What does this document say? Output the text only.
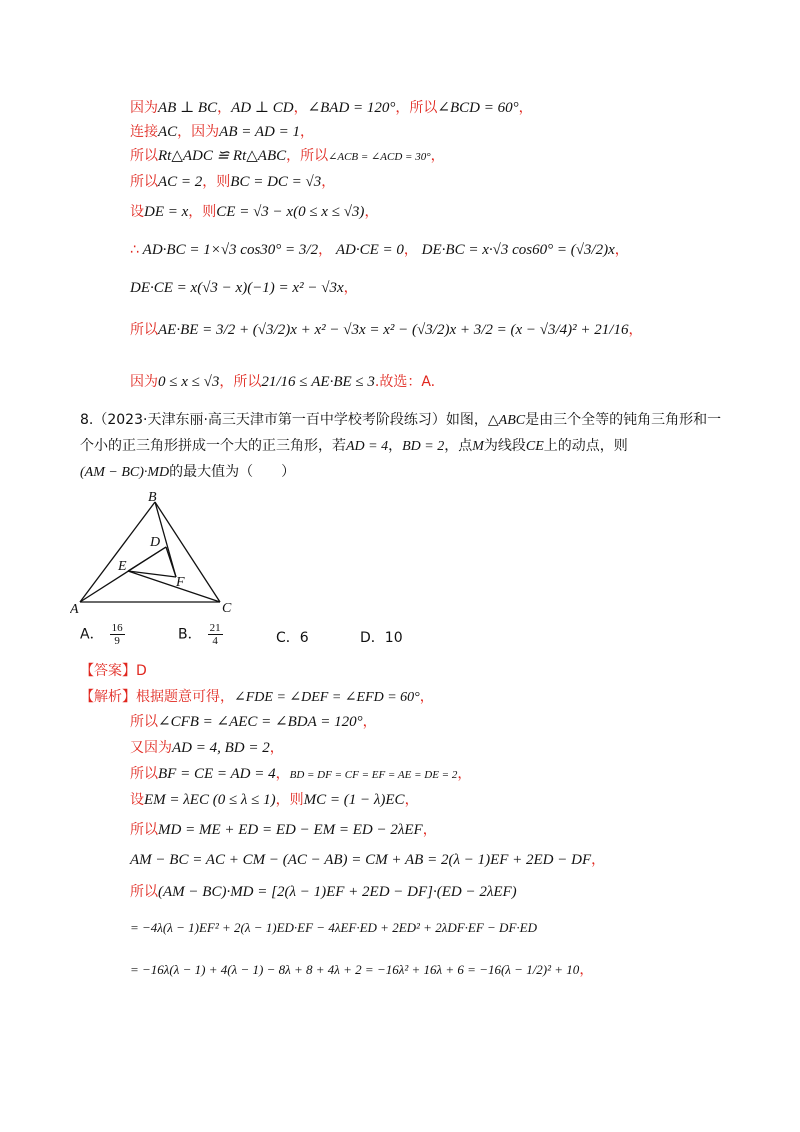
因为AB ⊥ BC，AD ⊥ CD，∠BAD = 120°，所以∠BCD = 60°，
连接AC，因为AB = AD = 1，
所以Rt△ADC ≌ Rt△ABC，所以∠ACB = ∠ACD = 30°，
所以AC = 2，则BC = DC = √3，
设DE = x，则CE = √3 − x(0 ≤ x ≤ √3)，
∴ AD·BC = 1×√3 cos30° = 3/2， AD·CE = 0， DE·BC = x·√3 cos60° = (√3/2)x，
DE·CE = x(√3 − x)(−1) = x² − √3x，
所以AE·BE = 3/2 + (√3/2)x + x² − √3x = x² − (√3/2)x + 3/2 = (x − √3/4)² + 21/16，
因为0 ≤ x ≤ √3，所以21/16 ≤ AE·BE ≤ 3.故选：A.
8.（2023·天津东丽·高三天津市第一百中学校考阶段练习）如图，△ABC是由三个全等的钝角三角形和一
个小的正三角形拼成一个大的正三角形，若AD = 4，BD = 2，点M为线段CE上的动点，则
(AM − BC)·MD的最大值为（　　）
B
A	C
D
E
F
A． $\frac{16}{9}$	B． $\frac{21}{4}$	C．6	D．10
【答案】D
【解析】根据题意可得，∠FDE = ∠DEF = ∠EFD = 60°，
所以∠CFB = ∠AEC = ∠BDA = 120°，
又因为AD = 4, BD = 2，
所以BF = CE = AD = 4，BD = DF = CF = EF = AE = DE = 2，
设EM = λEC (0 ≤ λ ≤ 1)，则MC = (1 − λ)EC，
所以MD = ME + ED = ED − EM = ED − 2λEF，
AM − BC = AC + CM − (AC − AB) = CM + AB = 2(λ − 1)EF + 2ED − DF，
所以(AM − BC)·MD = [2(λ − 1)EF + 2ED − DF]·(ED − 2λEF)
= −4λ(λ − 1)EF² + 2(λ − 1)ED·EF − 4λEF·ED + 2ED² + 2λDF·EF − DF·ED
= −16λ(λ − 1) + 4(λ − 1) − 8λ + 8 + 4λ + 2 = −16λ² + 16λ + 6 = −16(λ − 1/2)² + 10，
